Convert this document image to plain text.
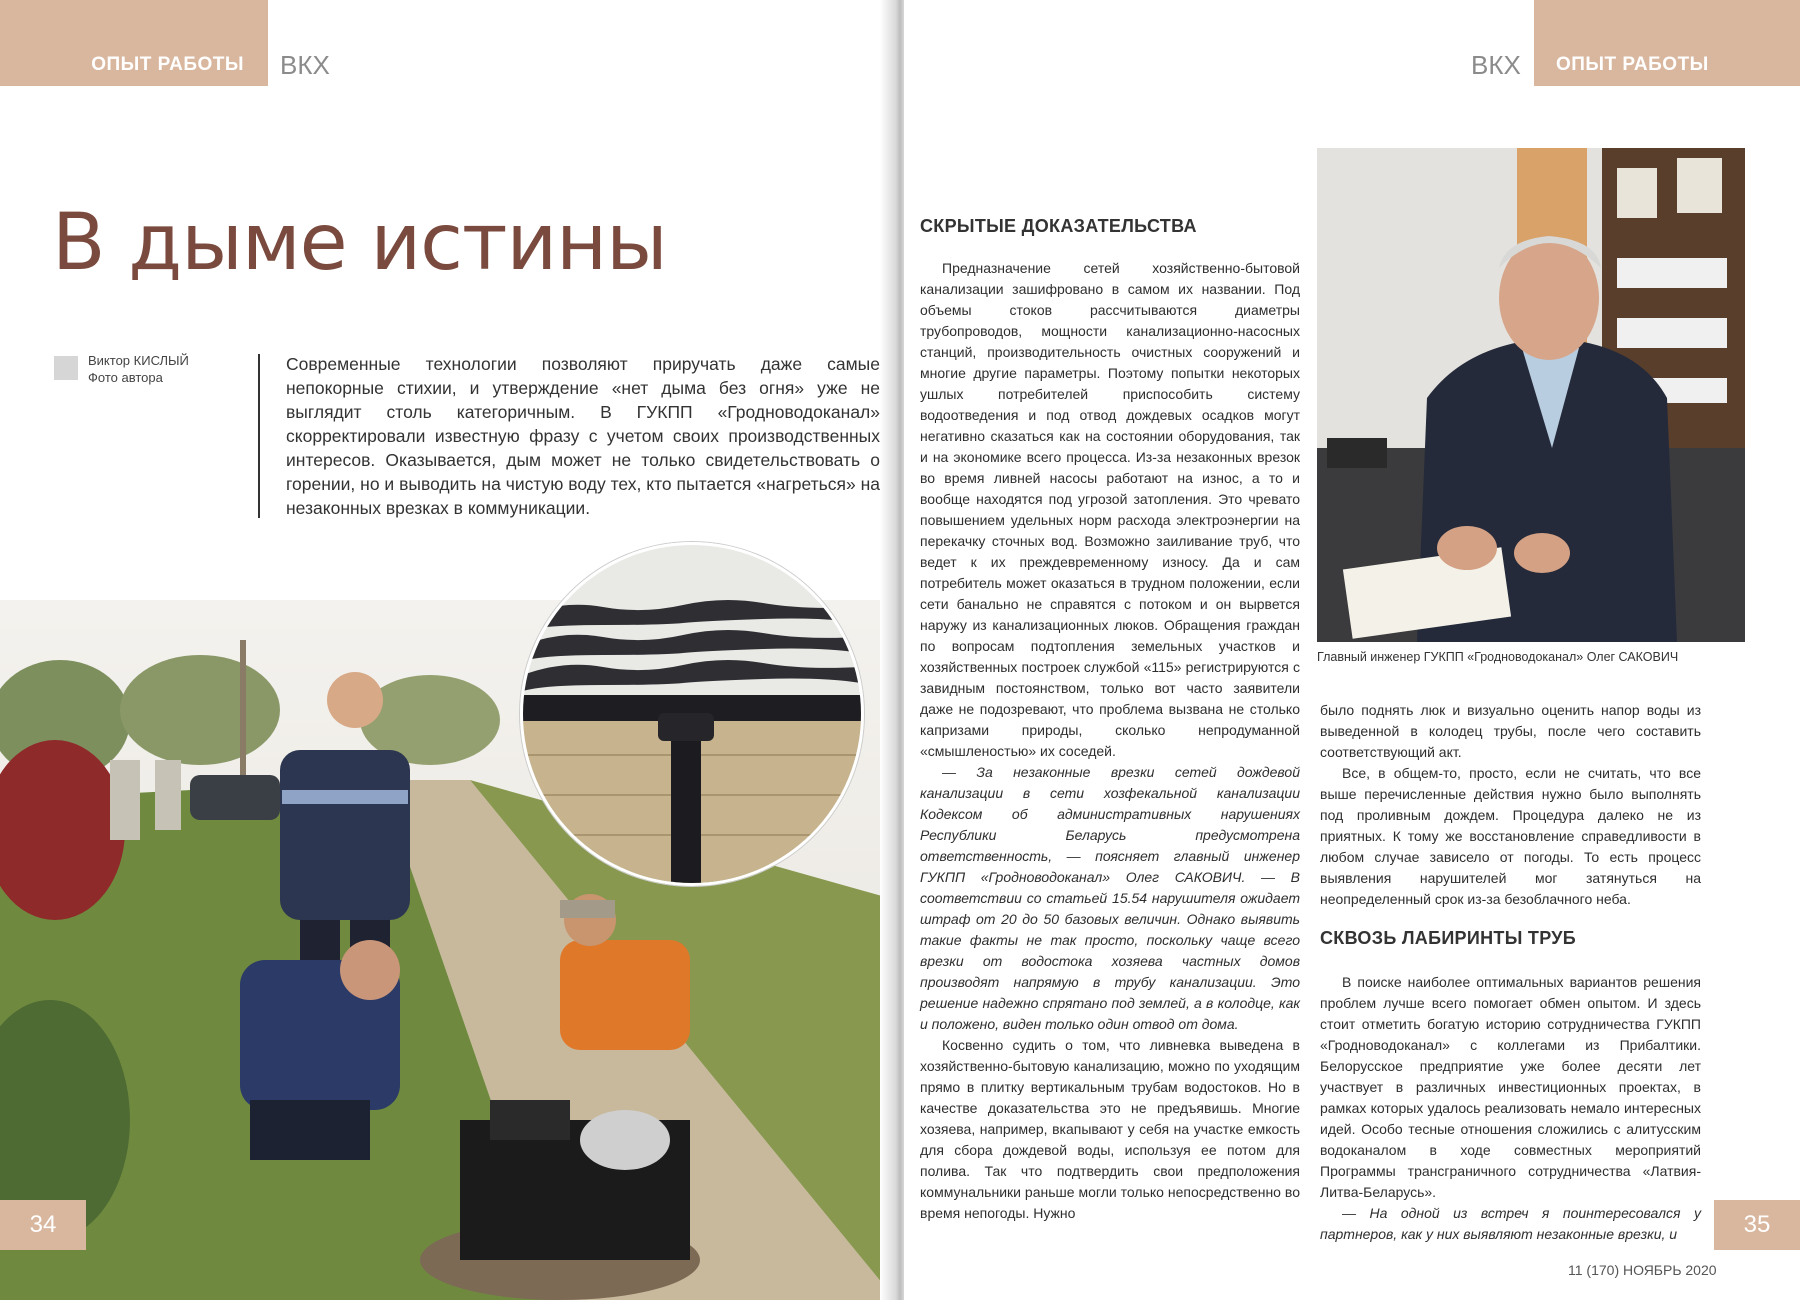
ОПЫТ РАБОТЫ ВКХ
В дыме истины
Виктор КИСЛЫЙ
Фото автора
Современные технологии позволяют приручать даже самые непокорные стихии, и утверждение «нет дыма без огня» уже не выглядит столь категоричным. В ГУКПП «Гродноводоканал» скорректировали известную фразу с учетом своих производственных интересов. Оказывается, дым может не только свидетельствовать о горении, но и выводить на чистую воду тех, кто пытается «нагреться» на незаконных врезках в коммуникации.
34
ВКХ ОПЫТ РАБОТЫ
СКРЫТЫЕ ДОКАЗАТЕЛЬСТВА

Предназначение сетей хозяйственно-бытовой канализации зашифровано в самом их названии. Под объемы стоков рассчитываются диаметры трубопроводов, мощности канализационно-насосных станций, производительность очистных сооружений и многие другие параметры. Поэтому попытки некоторых ушлых потребителей приспособить систему водоотведения и под отвод дождевых осадков могут негативно сказаться как на состоянии оборудования, так и на экономике всего процесса. Из-за незаконных врезок во время ливней насосы работают на износ, а то и вообще находятся под угрозой затопления. Это чревато повышением удельных норм расхода электроэнергии на перекачку сточных вод. Возможно заиливание труб, что ведет к их преждевременному износу. Да и сам потребитель может оказаться в трудном положении, если сети банально не справятся с потоком и он вырвется наружу из канализационных люков. Обращения граждан по вопросам подтопления земельных участков и хозяйственных построек службой «115» регистрируются с завидным постоянством, только вот часто заявители даже не подозревают, что проблема вызвана не столько капризами природы, сколько непродуманной «смышленостью» их соседей.

— За незаконные врезки сетей дождевой канализации в сети хозфекальной канализации Кодексом об административных нарушениях Республики Беларусь предусмотрена ответственность, — поясняет главный инженер ГУКПП «Гродноводоканал» Олег САКОВИЧ. — В соответствии со статьей 15.54 нарушителя ожидает штраф от 20 до 50 базовых величин. Однако выявить такие факты не так просто, поскольку чаще всего врезки от водостока хозяева частных домов производят напрямую в трубу канализации. Это решение надежно спрятано под землей, а в колодце, как и положено, виден только один отвод от дома.

Косвенно судить о том, что ливневка выведена в хозяйственно-бытовую канализацию, можно по уходящим прямо в плитку вертикальным трубам водостоков. Но в качестве доказательства это не предъявишь. Многие хозяева, например, вкапывают у себя на участке емкость для сбора дождевой воды, используя ее потом для полива. Так что подтвердить свои предположения коммунальники раньше могли только непосредственно во время непогоды. Нужно

Главный инженер ГУКПП «Гродноводоканал» Олег САКОВИЧ

было поднять люк и визуально оценить напор воды из выведенной в колодец трубы, после чего составить соответствующий акт.

Все, в общем-то, просто, если не считать, что все выше перечисленные действия нужно было выполнять под проливным дождем. Процедура далеко не из приятных. К тому же восстановление справедливости в любом случае зависело от погоды. То есть процесс выявления нарушителей мог затянуться на неопределенный срок из-за безоблачного неба.

СКВОЗЬ ЛАБИРИНТЫ ТРУБ

В поиске наиболее оптимальных вариантов решения проблем лучше всего помогает обмен опытом. И здесь стоит отметить богатую историю сотрудничества ГУКПП «Гродноводоканал» с коллегами из Прибалтики. Белорусское предприятие уже более десяти лет участвует в различных инвестиционных проектах, в рамках которых удалось реализовать немало интересных идей. Особо тесные отношения сложились с алитусским водоканалом в ходе совместных мероприятий Программы трансграничного сотрудничества «Латвия-Литва-Беларусь».

— На одной из встреч я поинтересовался у партнеров, как у них выявляют незаконные врезки, и	35
11 (170) НОЯБРЬ 2020
